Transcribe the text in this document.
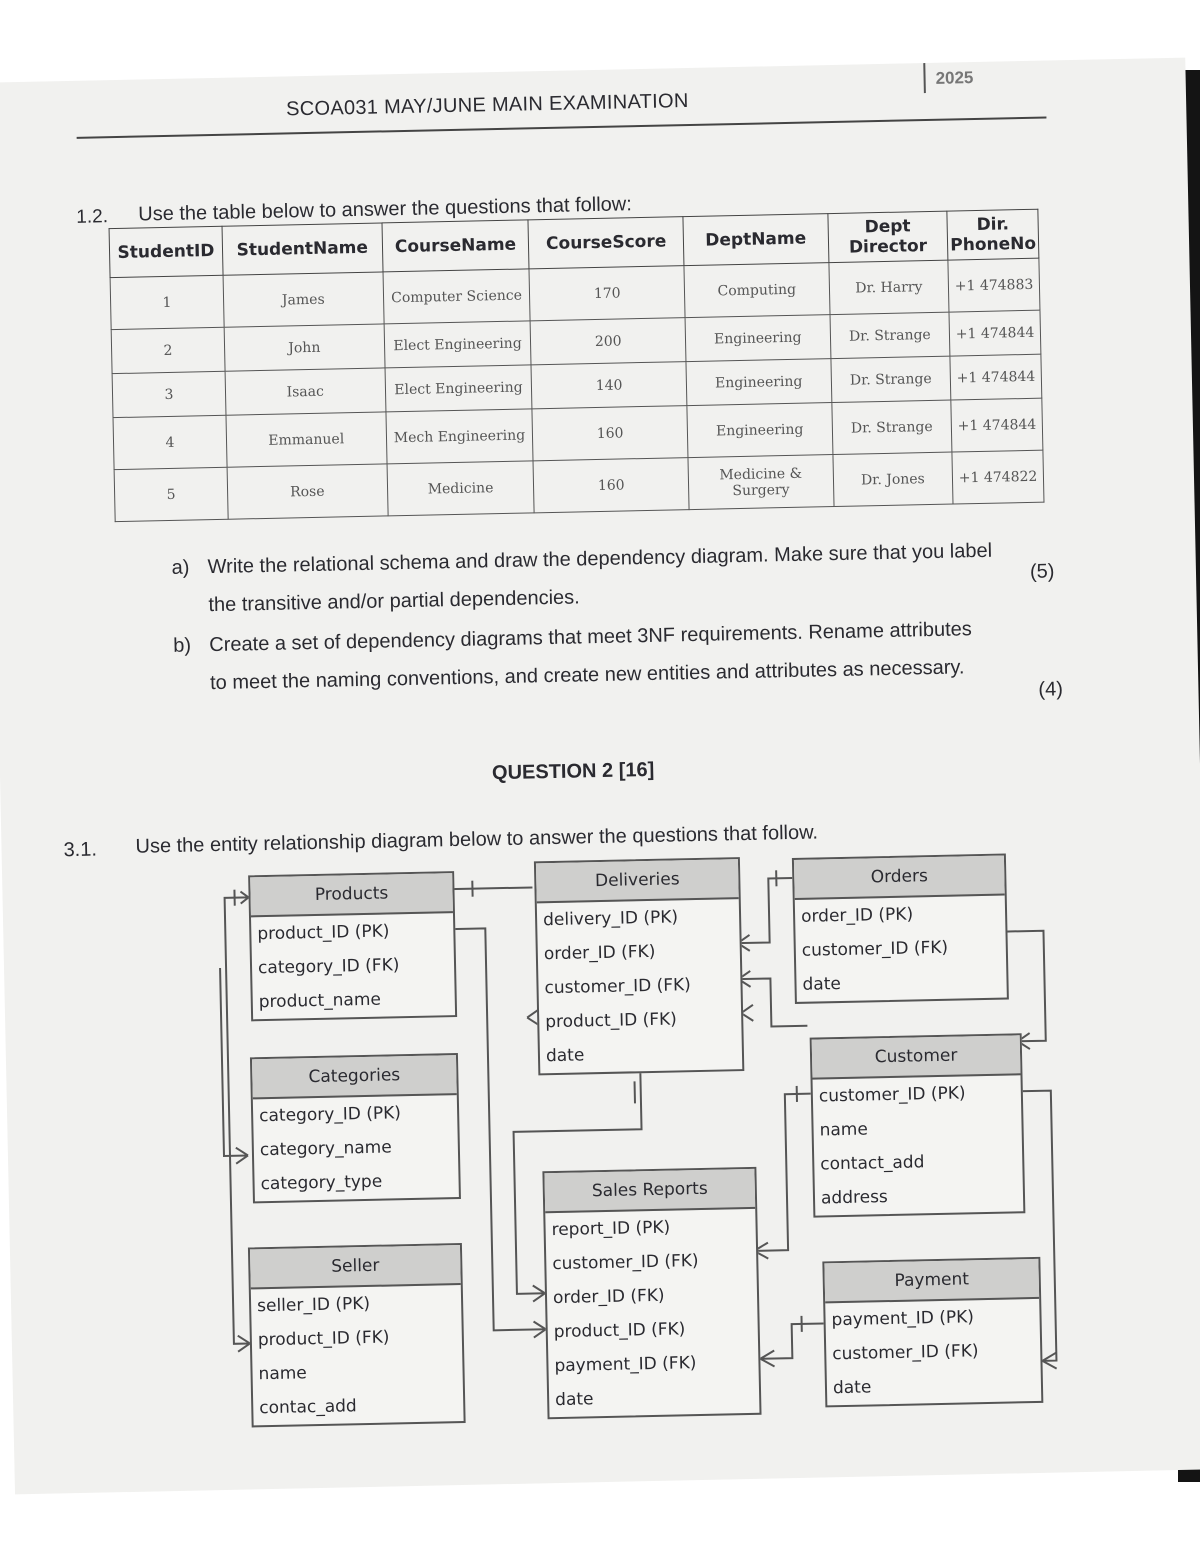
SCOA031 MAY/JUNE MAIN EXAMINATION
2025
1.2. Use the table below to answer the questions that follow:
StudentID	StudentName	CourseName	CourseScore	DeptName	Dept Director	Dir. PhoneNo
1	James	Computer Science	170	Computing	Dr. Harry	+1 474883
2	John	Elect Engineering	200	Engineering	Dr. Strange	+1 474844
3	Isaac	Elect Engineering	140	Engineering	Dr. Strange	+1 474844
4	Emmanuel	Mech Engineering	160	Engineering	Dr. Strange	+1 474844
5	Rose	Medicine	160	Medicine & Surgery	Dr. Jones	+1 474822
a) Write the relational schema and draw the dependency diagram. Make sure that you label
the transitive and/or partial dependencies.
(5)
b) Create a set of dependency diagrams that meet 3NF requirements. Rename attributes
to meet the naming conventions, and create new entities and attributes as necessary.	(4)
QUESTION 2 [16]
3.1. Use the entity relationship diagram below to answer the questions that follow.
Products
product_ID (PK)
category_ID (FK)
product_name
Categories
category_ID (PK)
category_name
category_type
Seller
seller_ID (PK)
product_ID (FK)
name
contac_add
Deliveries
delivery_ID (PK)
order_ID (FK)
customer_ID (FK)
product_ID (FK)
date
Sales Reports
report_ID (PK)
customer_ID (FK)
order_ID (FK)
product_ID (FK)
payment_ID (FK)
date
Orders
order_ID (PK)
customer_ID (FK)
date
Customer
customer_ID (PK)
name
contact_add
address
Payment
payment_ID (PK)
customer_ID (FK)
date
